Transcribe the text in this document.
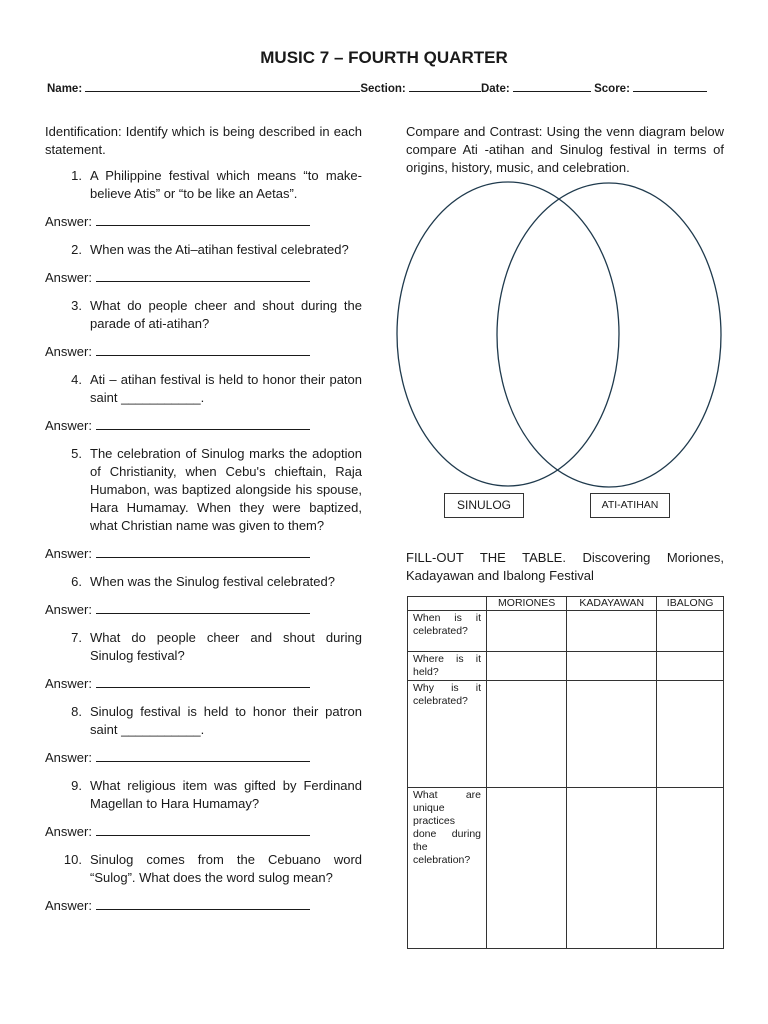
MUSIC 7 – FOURTH QUARTER
Name:	Section:	Date:	Score:

Identification: Identify which is being described in each statement.

1. A Philippine festival which means “to make-believe Atis” or “to be like an Aetas”.
Answer:
2. When was the Ati–atihan festival celebrated?
Answer:
3. What do people cheer and shout during the parade of ati-atihan?
Answer:
4. Ati – atihan festival is held to honor their paton saint ___________.
Answer:
5. The celebration of Sinulog marks the adoption of Christianity, when Cebu's chieftain, Raja Humabon, was baptized alongside his spouse, Hara Humamay. When they were baptized, what Christian name was given to them?
Answer:
6. When was the Sinulog festival celebrated?
Answer:
7. What do people cheer and shout during Sinulog festival?
Answer:
8. Sinulog festival is held to honor their patron saint ___________.
Answer:
9. What religious item was gifted by Ferdinand Magellan to Hara Humamay?
Answer:
10. Sinulog comes from the Cebuano word “Sulog”. What does the word sulog mean?
Answer:

Compare and Contrast: Using the venn diagram below compare Ati -atihan and Sinulog festival in terms of origins, history, music, and celebration.

SINULOG	ATI-ATIHAN
FILL-OUT THE TABLE. Discovering Moriones, Kadayawan and Ibalong Festival
	MORIONES	KADAYAWAN	IBALONG
When is it celebrated?			
Where is it held?			
Why is it celebrated?			
What are unique practices done during the celebration?			
